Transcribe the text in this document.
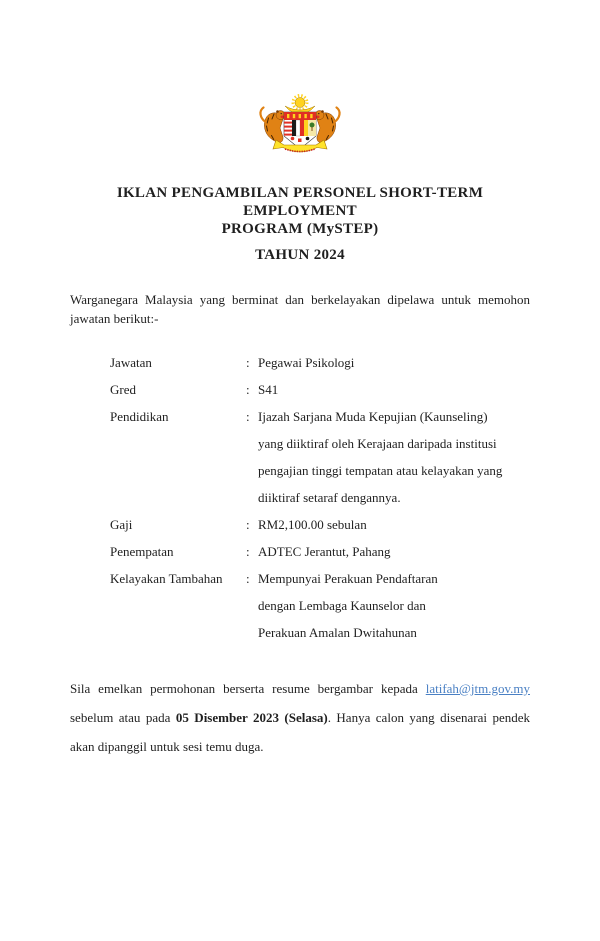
IKLAN PENGAMBILAN PERSONEL SHORT-TERM EMPLOYMENT
PROGRAM (MySTEP)
TAHUN 2024

Warganegara Malaysia yang berminat dan berkelayakan dipelawa untuk memohon jawatan berikut:-

Jawatan	: Pegawai Psikologi
Gred	: S41
Pendidikan	: Ijazah Sarjana Muda Kepujian (Kaunseling)
yang diiktiraf oleh Kerajaan daripada institusi
pengajian tinggi tempatan atau kelayakan yang
diiktiraf setaraf dengannya.
Gaji	: RM2,100.00 sebulan
Penempatan	: ADTEC Jerantut, Pahang
Kelayakan Tambahan	: Mempunyai Perakuan Pendaftaran
dengan Lembaga Kaunselor dan
Perakuan Amalan Dwitahunan

Sila emelkan permohonan berserta resume bergambar kepada latifah@jtm.gov.my sebelum atau pada 05 Disember 2023 (Selasa). Hanya calon yang disenarai pendek akan dipanggil untuk sesi temu duga.
